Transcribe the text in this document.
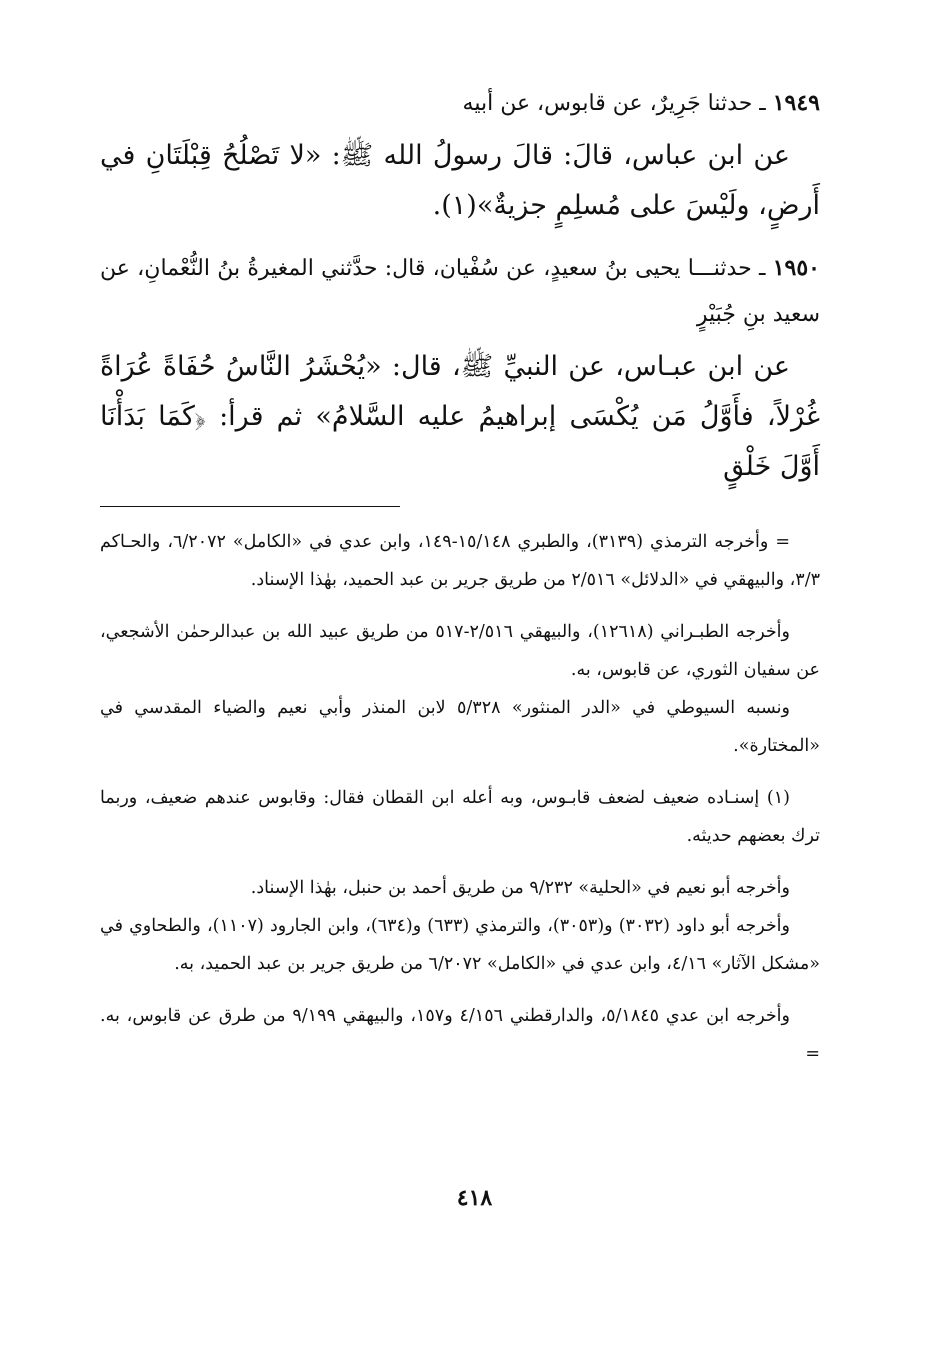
١٩٤٩ ـ حدثنا جَرِيرٌ، عن قابوس، عن أبيه

عن ابن عباس، قالَ: قالَ رسولُ الله ﷺ: «لا تَصْلُحُ قِبْلَتَانِ في أَرضٍ، ولَيْسَ على مُسلِمٍ جزيةٌ»(١).

١٩٥٠ ـ حدثنـــا يحيى بنُ سعيدٍ، عن سُفْيان، قال: حدَّثني المغيرةُ بنُ النُّعْمانِ، عن سعيد بنِ جُبَيْرٍ

عن ابن عبـاس، عن النبيِّ ﷺ، قال: «يُحْشَرُ النَّاسُ حُفَاةً عُرَاةً غُرْلاً، فأَوَّلُ مَن يُكْسَى إبراهيمُ عليه السَّلامُ» ثم قرأ: ﴿كَمَا بَدَأْنَا أَوَّلَ خَلْقٍ

= وأخرجه الترمذي (٣١٣٩)، والطبري ١٥/١٤٨-١٤٩، وابن عدي في «الكامل» ٦/٢٠٧٢، والحـاكم ٣/٣، والبيهقي في «الدلائل» ٢/٥١٦ من طريق جرير بن عبد الحميد، بهٰذا الإسناد.

وأخرجه الطبـراني (١٢٦١٨)، والبيهقي ٢/٥١٦-٥١٧ من طريق عبيد الله بن عبدالرحمٰن الأشجعي، عن سفيان الثوري، عن قابوس، به.

ونسبه السيوطي في «الدر المنثور» ٥/٣٢٨ لابن المنذر وأبي نعيم والضياء المقدسي في «المختارة».

(١) إسنـاده ضعيف لضعف قابـوس، وبه أعله ابن القطان فقال: وقابوس عندهم ضعيف، وربما ترك بعضهم حديثه.

وأخرجه أبو نعيم في «الحلية» ٩/٢٣٢ من طريق أحمد بن حنبل، بهٰذا الإسناد.

وأخرجه أبو داود (٣٠٣٢) و(٣٠٥٣)، والترمذي (٦٣٣) و(٦٣٤)، وابن الجارود (١١٠٧)، والطحاوي في «مشكل الآثار» ٤/١٦، وابن عدي في «الكامل» ٦/٢٠٧٢ من طريق جرير بن عبد الحميد، به.

وأخرجه ابن عدي ٥/١٨٤٥، والدارقطني ٤/١٥٦ و١٥٧، والبيهقي ٩/١٩٩ من طرق عن قابوس، به. =

٤١٨
